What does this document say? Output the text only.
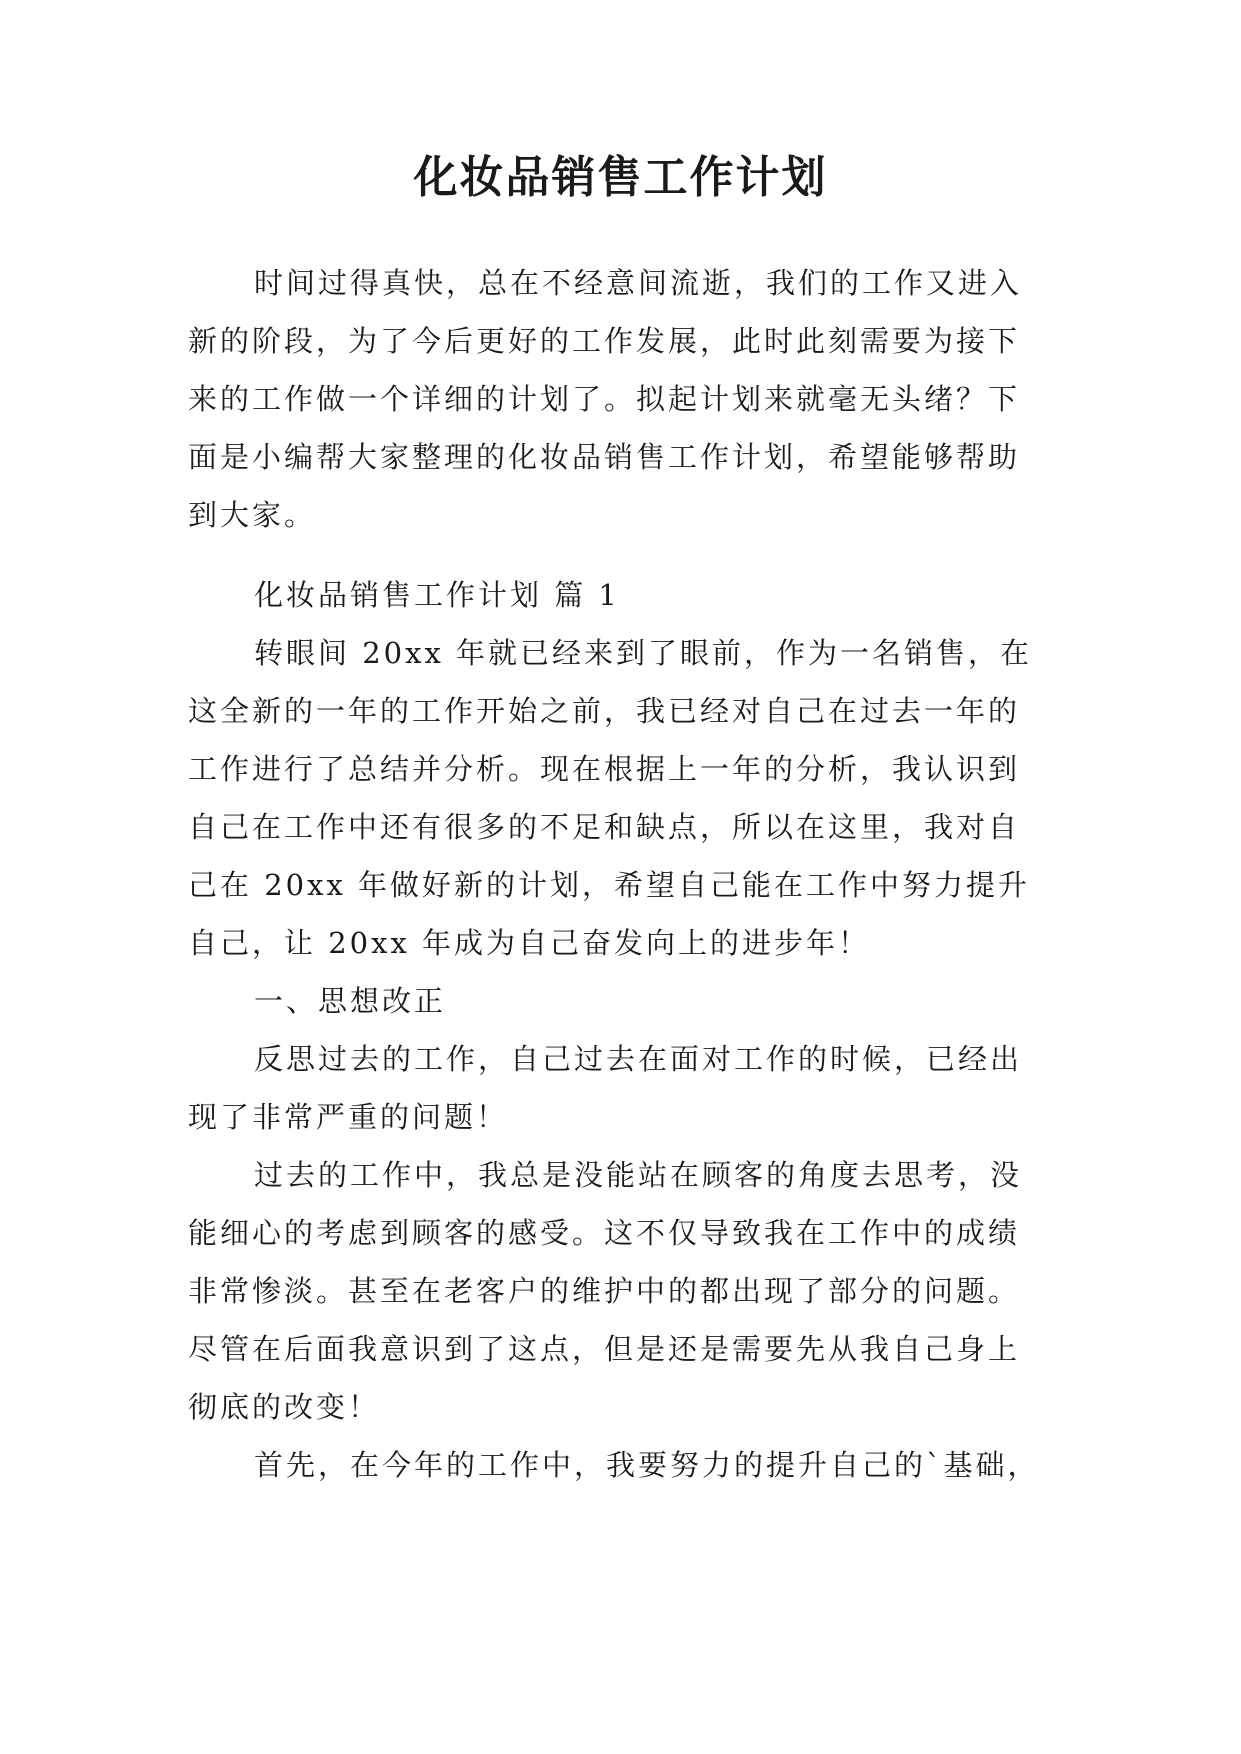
化妆品销售工作计划
时间过得真快，总在不经意间流逝，我们的工作又进入
新的阶段，为了今后更好的工作发展，此时此刻需要为接下
来的工作做一个详细的计划了。拟起计划来就毫无头绪？下
面是小编帮大家整理的化妆品销售工作计划，希望能够帮助
到大家。
化妆品销售工作计划 篇 1
转眼间 20xx 年就已经来到了眼前，作为一名销售，在
这全新的一年的工作开始之前，我已经对自己在过去一年的
工作进行了总结并分析。现在根据上一年的分析，我认识到
自己在工作中还有很多的不足和缺点，所以在这里，我对自
己在 20xx 年做好新的计划，希望自己能在工作中努力提升
自己，让 20xx 年成为自己奋发向上的进步年！
一、思想改正
反思过去的工作，自己过去在面对工作的时候，已经出
现了非常严重的问题！
过去的工作中，我总是没能站在顾客的角度去思考，没
能细心的考虑到顾客的感受。这不仅导致我在工作中的成绩
非常惨淡。甚至在老客户的维护中的都出现了部分的问题。
尽管在后面我意识到了这点，但是还是需要先从我自己身上
彻底的改变！
首先，在今年的工作中，我要努力的提升自己的`基础，
